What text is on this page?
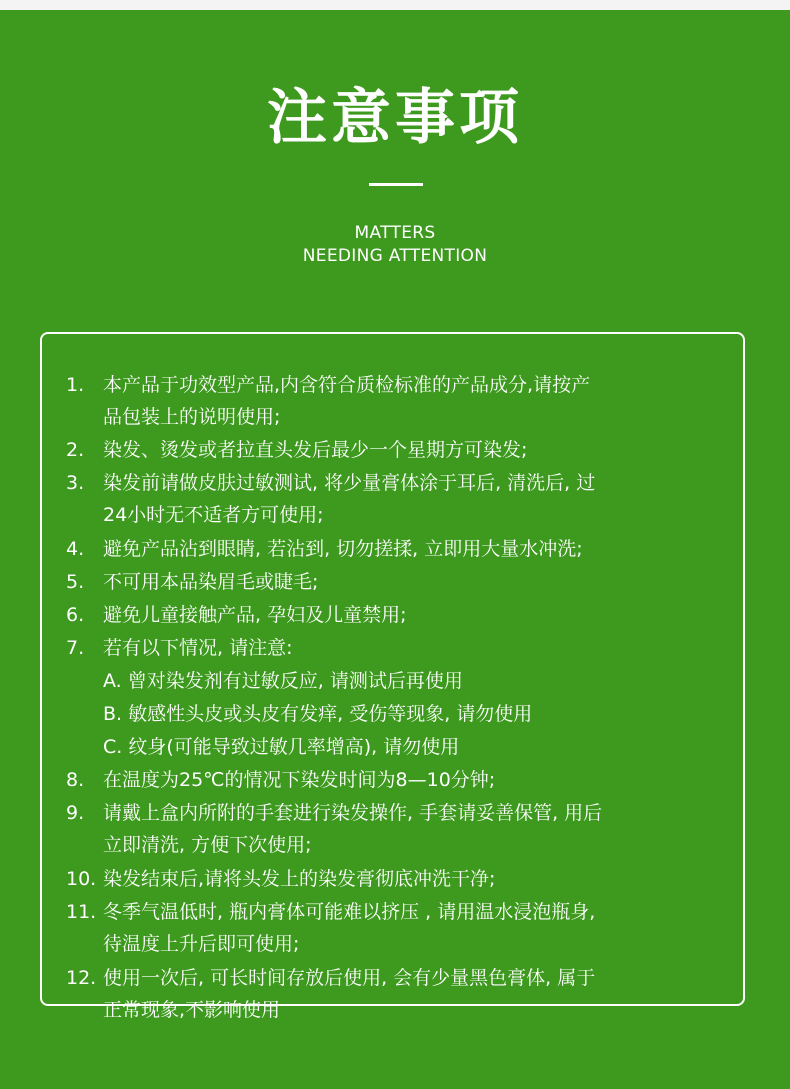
注意事项
MATTERS
NEEDING ATTENTION
1. 本产品于功效型产品,内含符合质检标准的产品成分,请按产
品包装上的说明使用;
2. 染发、烫发或者拉直头发后最少一个星期方可染发;
3. 染发前请做皮肤过敏测试, 将少量膏体涂于耳后, 清洗后, 过
24小时无不适者方可使用;
4. 避免产品沾到眼睛, 若沾到, 切勿搓揉, 立即用大量水冲洗;
5. 不可用本品染眉毛或睫毛;
6. 避免儿童接触产品, 孕妇及儿童禁用;
7. 若有以下情况, 请注意:
A. 曾对染发剂有过敏反应, 请测试后再使用
B. 敏感性头皮或头皮有发痒, 受伤等现象, 请勿使用
C. 纹身(可能导致过敏几率增高), 请勿使用
8. 在温度为25℃的情况下染发时间为8—10分钟;
9. 请戴上盒内所附的手套进行染发操作, 手套请妥善保管, 用后
立即清洗, 方便下次使用;
10. 染发结束后,请将头发上的染发膏彻底冲洗干净;
11. 冬季气温低时, 瓶内膏体可能难以挤压 , 请用温水浸泡瓶身,
待温度上升后即可使用;
12. 使用一次后, 可长时间存放后使用, 会有少量黑色膏体, 属于
正常现象,不影响使用
